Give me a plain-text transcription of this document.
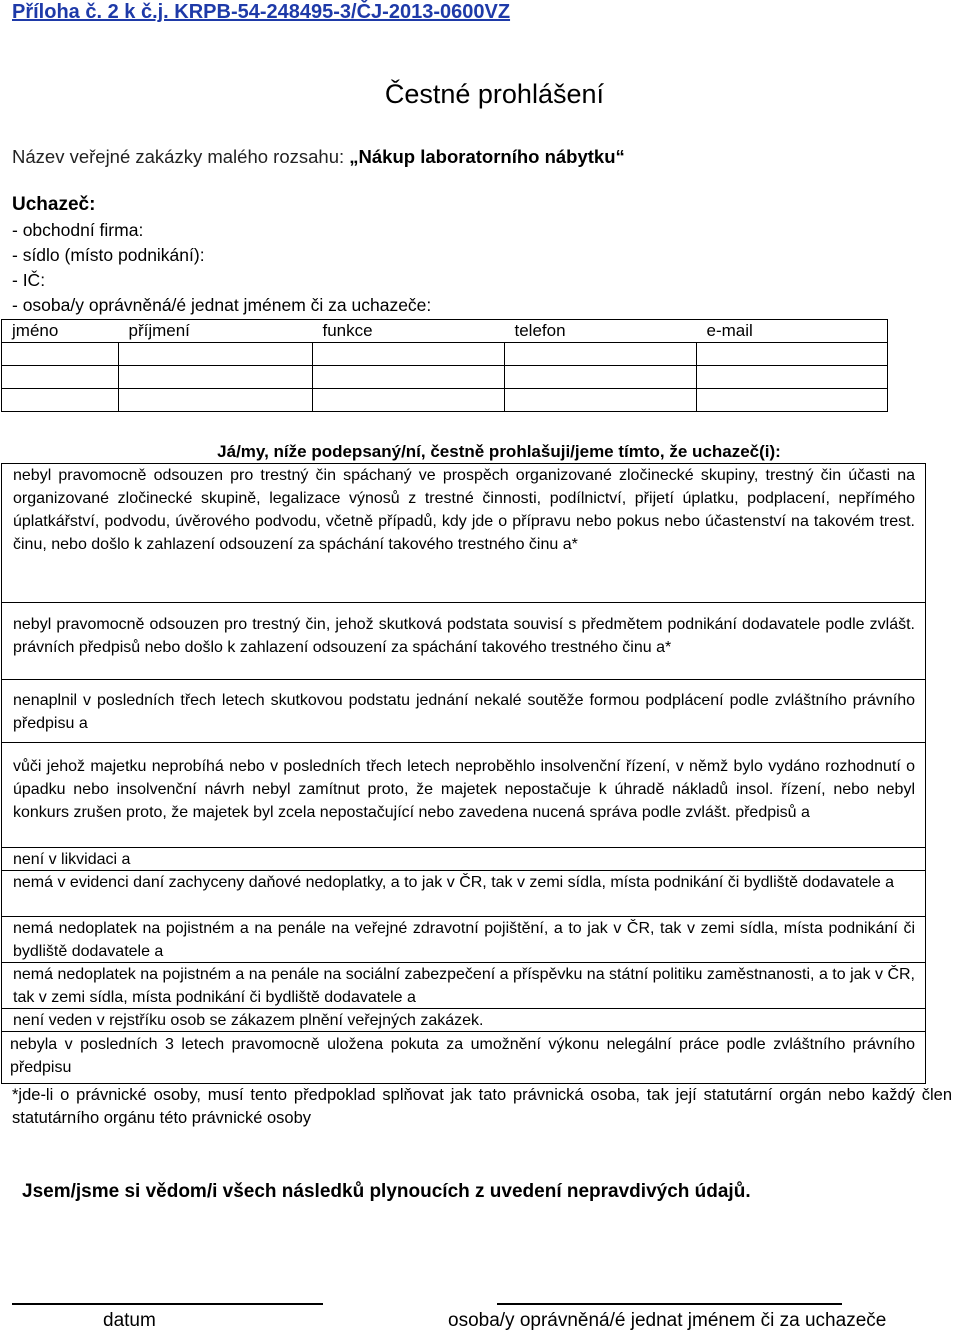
Příloha č. 2 k č.j. KRPB-54-248495-3/ČJ-2013-0600VZ
Čestné prohlášení
Název veřejné zakázky malého rozsahu: „Nákup laboratorního nábytku“
Uchazeč:
- obchodní firma:
- sídlo (místo podnikání):
- IČ:
- osoba/y oprávněná/é jednat jménem či za uchazeče:
jméno	příjmení	funkce	telefon	e-mail

Já/my, níže podepsaný/ní, čestně prohlašuji/jeme tímto, že uchazeč(i):

nebyl pravomocně odsouzen pro trestný čin spáchaný ve prospěch organizované zločinecké skupiny, trestný čin účasti na organizované zločinecké skupině, legalizace výnosů z trestné činnosti, podílnictví, přijetí úplatku, podplacení, nepřímého úplatkářství, podvodu, úvěrového podvodu, včetně případů, kdy jde o přípravu nebo pokus nebo účastenství na takovém trest. činu, nebo došlo k zahlazení odsouzení za spáchání takového trestného činu a*

nebyl pravomocně odsouzen pro trestný čin, jehož skutková podstata souvisí s předmětem podnikání dodavatele podle zvlášt. právních předpisů nebo došlo k zahlazení odsouzení za spáchání takového trestného činu a*

nenaplnil v posledních třech letech skutkovou podstatu jednání nekalé soutěže formou podplácení podle zvláštního právního předpisu a

vůči jehož majetku neprobíhá nebo v posledních třech letech neproběhlo insolvenční řízení, v němž bylo vydáno rozhodnutí o úpadku nebo insolvenční návrh nebyl zamítnut proto, že majetek nepostačuje k úhradě nákladů insol. řízení, nebo nebyl konkurs zrušen proto, že majetek byl zcela nepostačující nebo zavedena nucená správa podle zvlášt. předpisů a

není v likvidaci a

nemá v evidenci daní zachyceny daňové nedoplatky, a to jak v ČR, tak v zemi sídla, místa podnikání či bydliště dodavatele a

nemá nedoplatek na pojistném a na penále na veřejné zdravotní pojištění, a to jak v ČR, tak v zemi sídla, místa podnikání či bydliště dodavatele a

nemá nedoplatek na pojistném a na penále na sociální zabezpečení a příspěvku na státní politiku zaměstnanosti, a to jak v ČR, tak v zemi sídla, místa podnikání či bydliště dodavatele a

není veden v rejstříku osob se zákazem plnění veřejných zakázek.

nebyla v posledních 3 letech pravomocně uložena pokuta za umožnění výkonu nelegální práce podle zvláštního právního předpisu

*jde-li o právnické osoby, musí tento předpoklad splňovat jak tato právnická osoba, tak její statutární orgán nebo každý člen statutárního orgánu této právnické osoby
Jsem/jsme si vědom/i všech následků plynoucích z uvedení nepravdivých údajů.
datum	osoba/y oprávněná/é jednat jménem či za uchazeče
